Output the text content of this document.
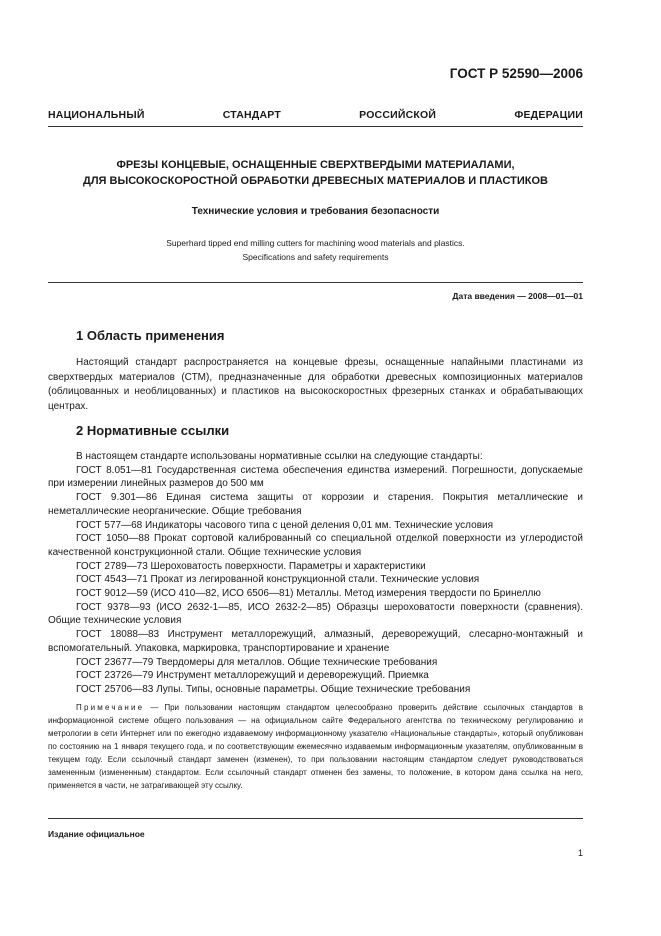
ГОСТ Р 52590—2006
НАЦИОНАЛЬНЫЙ СТАНДАРТ РОССИЙСКОЙ ФЕДЕРАЦИИ
ФРЕЗЫ КОНЦЕВЫЕ, ОСНАЩЕННЫЕ СВЕРХТВЕРДЫМИ МАТЕРИАЛАМИ,
ДЛЯ ВЫСОКОСКОРОСТНОЙ ОБРАБОТКИ ДРЕВЕСНЫХ МАТЕРИАЛОВ И ПЛАСТИКОВ
Технические условия и требования безопасности
Superhard tipped end milling cutters for machining wood materials and plastics.
Specifications and safety requirements
Дата введения — 2008—01—01
1 Область применения

Настоящий стандарт распространяется на концевые фрезы, оснащенные напайными пластинами из сверхтвердых материалов (СТМ), предназначенные для обработки древесных композиционных материалов (облицованных и необлицованных) и пластиков на высокоскоростных фрезерных станках и обрабатывающих центрах.

2 Нормативные ссылки

В настоящем стандарте использованы нормативные ссылки на следующие стандарты:

ГОСТ 8.051—81 Государственная система обеспечения единства измерений. Погрешности, допускаемые при измерении линейных размеров до 500 мм

ГОСТ 9.301—86 Единая система защиты от коррозии и старения. Покрытия металлические и неметаллические неорганические. Общие требования

ГОСТ 577—68 Индикаторы часового типа с ценой деления 0,01 мм. Технические условия

ГОСТ 1050—88 Прокат сортовой калиброванный со специальной отделкой поверхности из углеродистой качественной конструкционной стали. Общие технические условия

ГОСТ 2789—73 Шероховатость поверхности. Параметры и характеристики

ГОСТ 4543—71 Прокат из легированной конструкционной стали. Технические условия

ГОСТ 9012—59 (ИСО 410—82, ИСО 6506—81) Металлы. Метод измерения твердости по Бринеллю

ГОСТ 9378—93 (ИСО 2632-1—85, ИСО 2632-2—85) Образцы шероховатости поверхности (сравнения). Общие технические условия

ГОСТ 18088—83 Инструмент металлорежущий, алмазный, дереворежущий, слесарно-монтажный и вспомогательный. Упаковка, маркировка, транспортирование и хранение

ГОСТ 23677—79 Твердомеры для металлов. Общие технические требования

ГОСТ 23726—79 Инструмент металлорежущий и дереворежущий. Приемка

ГОСТ 25706—83 Лупы. Типы, основные параметры. Общие технические требования

Примечание — При пользовании настоящим стандартом целесообразно проверить действие ссылочных стандартов в информационной системе общего пользования — на официальном сайте Федерального агентства по техническому регулированию и метрологии в сети Интернет или по ежегодно издаваемому информационному указателю «Национальные стандарты», который опубликован по состоянию на 1 января текущего года, и по соответствующим ежемесячно издаваемым информационным указателям, опубликованным в текущем году. Если ссылочный стандарт заменен (изменен), то при пользовании настоящим стандартом следует руководствоваться замененным (измененным) стандартом. Если ссылочный стандарт отменен без замены, то положение, в котором дана ссылка на него, применяется в части, не затрагивающей эту ссылку.

Издание официальное
1
